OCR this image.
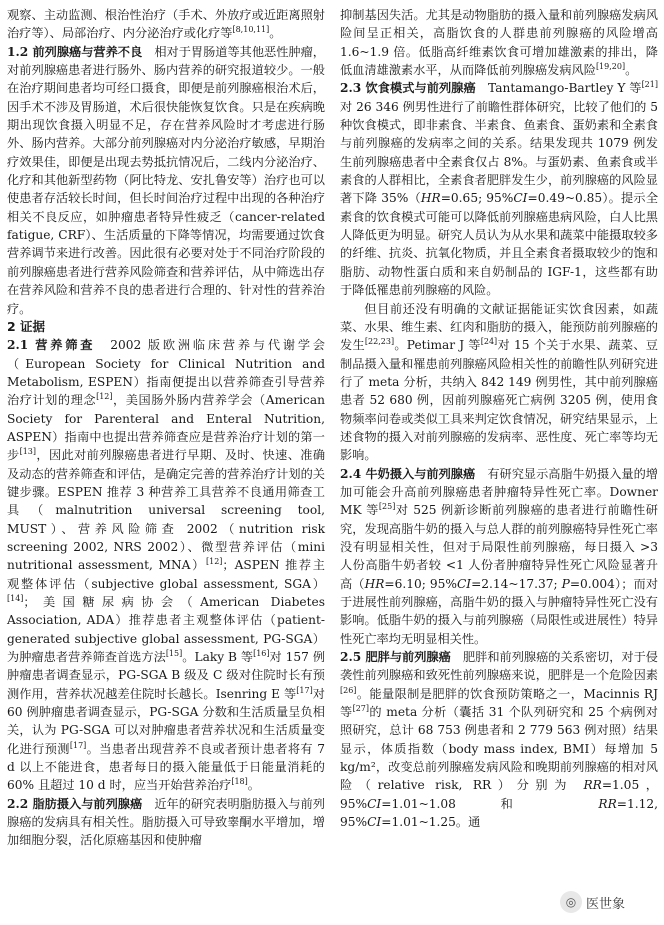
观察、主动监测、根治性治疗（手术、外放疗或近距离照射治疗等）、局部治疗、内分泌治疗或化疗等[8,10,11]。

1.2 前列腺癌与营养不良　相对于胃肠道等其他恶性肿瘤，对前列腺癌患者进行肠外、肠内营养的研究报道较少。一般在治疗期间患者均可经口摄食，即便是前列腺癌根治术后，因手术不涉及胃肠道，术后很快能恢复饮食。只是在疾病晚期出现饮食摄入明显不足，存在营养风险时才考虑进行肠外、肠内营养。大部分前列腺癌对内分泌治疗敏感，早期治疗效果佳，即便是出现去势抵抗情况后，二线内分泌治疗、化疗和其他新型药物（阿比特龙、安扎鲁安等）治疗也可以使患者存活较长时间，但长时间治疗过程中出现的各种治疗相关不良反应，如肿瘤患者特异性疲乏（cancer-related fatigue, CRF）、生活质量的下降等情况，均需要通过饮食营养调节来进行改善。因此很有必要对处于不同治疗阶段的前列腺癌患者进行营养风险筛查和营养评估，从中筛选出存在营养风险和营养不良的患者进行合理的、针对性的营养治疗。

2 证据

2.1 营养筛查　2002 版欧洲临床营养与代谢学会（European Society for Clinical Nutrition and Metabolism, ESPEN）指南便提出以营养筛查引导营养治疗计划的理念[12]，美国肠外肠内营养学会（American Society for Parenteral and Enteral Nutrition, ASPEN）指南中也提出营养筛查应是营养治疗计划的第一步[13]，因此对前列腺癌患者进行早期、及时、快速、准确及动态的营养筛查和评估，是确定完善的营养治疗计划的关键步骤。ESPEN 推荐 3 种营养工具营养不良通用筛查工具（malnutrition universal screening tool, MUST）、营养风险筛查 2002（nutrition risk screening 2002, NRS 2002）、微型营养评估（mini nutritional assessment, MNA）[12]；ASPEN 推荐主观整体评估（subjective global assessment, SGA）[14]；美国糖尿病协会（American Diabetes Association, ADA）推荐患者主观整体评估（patient-generated subjective global assessment, PG-SGA）为肿瘤患者营养筛查首选方法[15]。Laky B 等[16]对 157 例肿瘤患者调查显示，PG-SGA B 级及 C 级对住院时长有预测作用，营养状况越差住院时长越长。Isenring E 等[17]对 60 例肿瘤患者调查显示，PG-SGA 分数和生活质量呈负相关，认为 PG-SGA 可以对肿瘤患者营养状况和生活质量变化进行预测[17]。当患者出现营养不良或者预计患者将有 7 d 以上不能进食，患者每日的摄入能量低于日能量消耗的 60% 且超过 10 d 时，应当开始营养治疗[18]。

2.2 脂肪摄入与前列腺癌　近年的研究表明脂肪摄入与前列腺癌的发病具有相关性。脂肪摄入可导致睾酮水平增加，增加细胞分裂，活化原癌基因和使肿瘤

抑制基因失活。尤其是动物脂肪的摄入量和前列腺癌发病风险间呈正相关，高脂饮食的人群患前列腺癌的风险增高 1.6~1.9 倍。低脂高纤维素饮食可增加雄激素的排出，降低血清雄激素水平，从而降低前列腺癌发病风险[19,20]。

2.3 饮食模式与前列腺癌　Tantamango-Bartley Y 等[21]对 26 346 例男性进行了前瞻性群体研究，比较了他们的 5 种饮食模式，即非素食、半素食、鱼素食、蛋奶素和全素食与前列腺癌的发病率之间的关系。结果发现共 1079 例发生前列腺癌患者中全素食仅占 8%。与蛋奶素、鱼素食或半素食的人群相比，全素食者肥胖发生少，前列腺癌的风险显著下降 35%（HR=0.65; 95%CI=0.49~0.85）。提示全素食的饮食模式可能可以降低前列腺癌患病风险，白人比黑人降低更为明显。研究人员认为从水果和蔬菜中能摄取较多的纤维、抗炎、抗氧化物质，并且全素食者摄取较少的饱和脂肪、动物性蛋白质和来自奶制品的 IGF-1，这些都有助于降低罹患前列腺癌的风险。

但目前还没有明确的文献证据能证实饮食因素，如蔬菜、水果、维生素、红肉和脂肪的摄入，能预防前列腺癌的发生[22,23]。Petimar J 等[24]对 15 个关于水果、蔬菜、豆制品摄入量和罹患前列腺癌风险相关性的前瞻性队列研究进行了 meta 分析，共纳入 842 149 例男性，其中前列腺癌患者 52 680 例，因前列腺癌死亡病例 3205 例，使用食物频率问卷或类似工具来判定饮食情况，研究结果显示，上述食物的摄入对前列腺癌的发病率、恶性度、死亡率等均无影响。

2.4 牛奶摄入与前列腺癌　有研究显示高脂牛奶摄入量的增加可能会升高前列腺癌患者肿瘤特异性死亡率。Downer MK 等[25]对 525 例新诊断前列腺癌的患者进行前瞻性研究，发现高脂牛奶的摄入与总人群的前列腺癌特异性死亡率没有明显相关性，但对于局限性前列腺癌，每日摄入 >3 人份高脂牛奶者较 <1 人份者肿瘤特异性死亡风险显著升高（HR=6.10; 95%CI=2.14~17.37; P=0.004）；而对于进展性前列腺癌，高脂牛奶的摄入与肿瘤特异性死亡没有影响。低脂牛奶的摄入与前列腺癌（局限性或进展性）特异性死亡率均无明显相关性。

2.5 肥胖与前列腺癌　肥胖和前列腺癌的关系密切，对于侵袭性前列腺癌和致死性前列腺癌来说，肥胖是一个危险因素[26]。能量限制是肥胖的饮食预防策略之一，Macinnis RJ 等[27]的 meta 分析（囊括 31 个队列研究和 25 个病例对照研究，总计 68 753 例患者和 2 779 563 例对照）结果显示，体质指数（body mass index, BMI）每增加 5 kg/m²，改变总前列腺癌发病风险和晚期前列腺癌的相对风险（relative risk, RR）分别为 RR=1.05，95%CI=1.01~1.08 和 RR=1.12, 95%CI=1.01~1.25。通

◎ 医世象
